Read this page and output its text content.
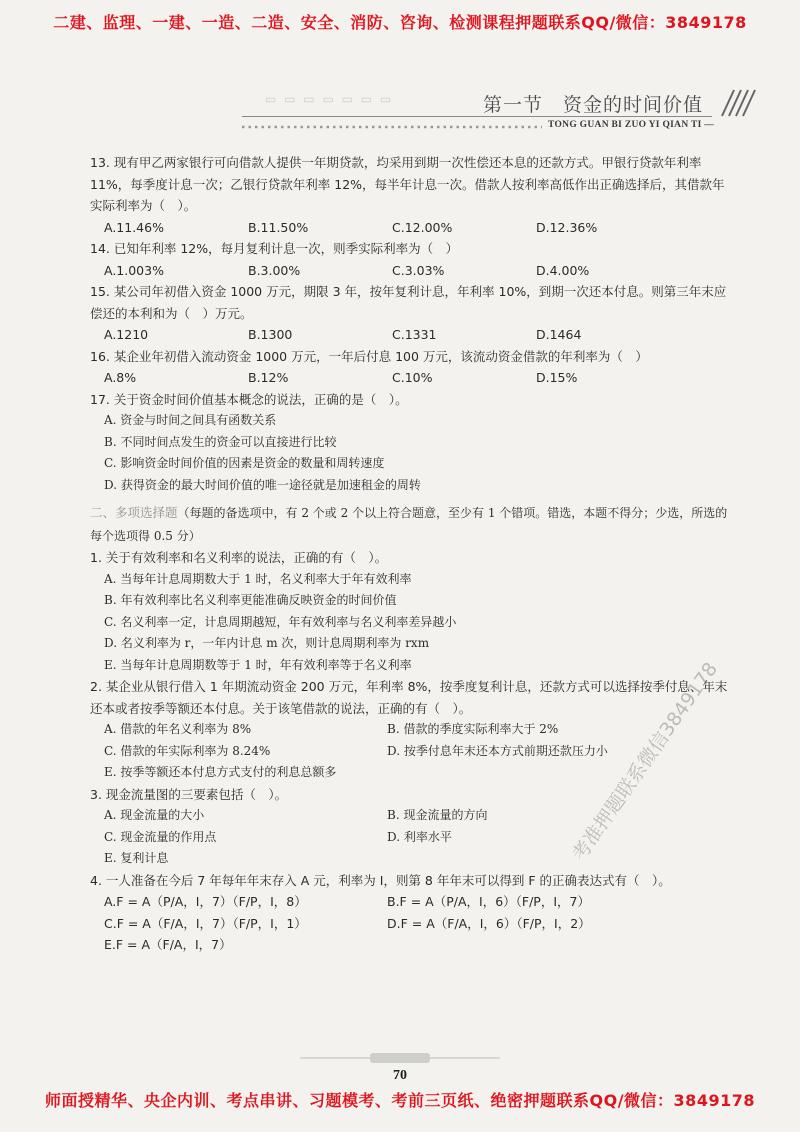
二建、监理、一建、一造、二造、安全、消防、咨询、检测课程押题联系QQ/微信：3849178
▭ ▭ ▭ ▭ ▭ ▭ ▭	第一节　资金的时间价值
TONG GUAN BI ZUO YI QIAN TI —

13. 现有甲乙两家银行可向借款人提供一年期贷款，均采用到期一次性偿还本息的还款方式。甲银行贷款年利率 11%，每季度计息一次；乙银行贷款年利率 12%，每半年计息一次。借款人按利率高低作出正确选择后，其借款年实际利率为（　）。

A.11.46%	B.11.50%	C.12.00%	D.12.36%

14. 已知年利率 12%，每月复利计息一次，则季实际利率为（　）

A.1.003%	B.3.00%	C.3.03%	D.4.00%

15. 某公司年初借入资金 1000 万元，期限 3 年，按年复利计息，年利率 10%，到期一次还本付息。则第三年末应偿还的本利和为（　）万元。

A.1210	B.1300	C.1331	D.1464

16. 某企业年初借入流动资金 1000 万元，一年后付息 100 万元，该流动资金借款的年利率为（　）

A.8%	B.12%	C.10%	D.15%

17. 关于资金时间价值基本概念的说法，正确的是（　）。

A. 资金与时间之间具有函数关系
B. 不同时间点发生的资金可以直接进行比较
C. 影响资金时间价值的因素是资金的数量和周转速度
D. 获得资金的最大时间价值的唯一途径就是加速租金的周转

二、多项选择题（每题的备选项中，有 2 个或 2 个以上符合题意，至少有 1 个错项。错选，本题不得分；少选，所选的每个选项得 0.5 分）

1. 关于有效利率和名义利率的说法，正确的有（　）。

A. 当每年计息周期数大于 1 时，名义利率大于年有效利率
B. 年有效利率比名义利率更能准确反映资金的时间价值
C. 名义利率一定，计息周期越短，年有效利率与名义利率差异越小
D. 名义利率为 r，一年内计息 m 次，则计息周期利率为 rxm
E. 当每年计息周期数等于 1 时，年有效利率等于名义利率

2. 某企业从银行借入 1 年期流动资金 200 万元，年利率 8%，按季度复利计息，还款方式可以选择按季付息、年末还本或者按季等额还本付息。关于该笔借款的说法，正确的有（　）。

A. 借款的年名义利率为 8%	B. 借款的季度实际利率大于 2%
C. 借款的年实际利率为 8.24%	D. 按季付息年末还本方式前期还款压力小
E. 按季等额还本付息方式支付的利息总额多

3. 现金流量图的三要素包括（　）。

A. 现金流量的大小	B. 现金流量的方向
C. 现金流量的作用点	D. 利率水平
E. 复利计息

4. 一人准备在今后 7 年每年年末存入 A 元，利率为 I，则第 8 年年末可以得到 F 的正确表达式有（　）。

A.F = A（P/A，I，7）（F/P，I，8）	B.F = A（P/A，I，6）（F/P，I，7）
C.F = A（F/A，I，7）（F/P，I，1）	D.F = A（F/A，I，6）（F/P，I，2）
E.F = A（F/A，I，7）
考准押题联系微信3849178
70
师面授精华、央企内训、考点串讲、习题模考、考前三页纸、绝密押题联系QQ/微信：3849178
